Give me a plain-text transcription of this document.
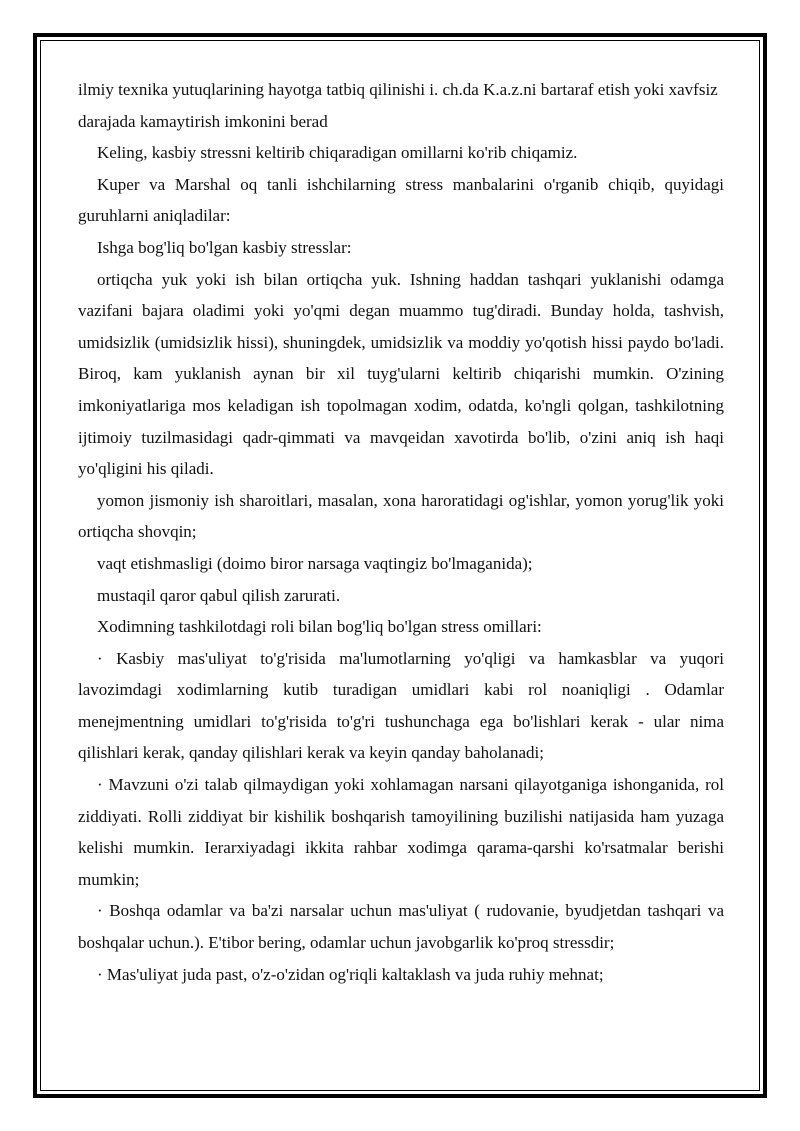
ilmiy texnika yutuqlarining hayotga tatbiq qilinishi i. ch.da K.a.z.ni bartaraf etish yoki xavfsiz darajada kamaytirish imkonini berad

Keling, kasbiy stressni keltirib chiqaradigan omillarni ko'rib chiqamiz.

Kuper va Marshal oq tanli ishchilarning stress manbalarini o'rganib chiqib, quyidagi guruhlarni aniqladilar:

Ishga bog'liq bo'lgan kasbiy stresslar:

ortiqcha yuk yoki ish bilan ortiqcha yuk. Ishning haddan tashqari yuklanishi odamga vazifani bajara oladimi yoki yo'qmi degan muammo tug'diradi. Bunday holda, tashvish, umidsizlik (umidsizlik hissi), shuningdek, umidsizlik va moddiy yo'qotish hissi paydo bo'ladi. Biroq, kam yuklanish aynan bir xil tuyg'ularni keltirib chiqarishi mumkin. O'zining imkoniyatlariga mos keladigan ish topolmagan xodim, odatda, ko'ngli qolgan, tashkilotning ijtimoiy tuzilmasidagi qadr-qimmati va mavqeidan xavotirda bo'lib, o'zini aniq ish haqi yo'qligini his qiladi.

yomon jismoniy ish sharoitlari, masalan, xona haroratidagi og'ishlar, yomon yorug'lik yoki ortiqcha shovqin;

vaqt etishmasligi (doimo biror narsaga vaqtingiz bo'lmaganida);

mustaqil qaror qabul qilish zarurati.

Xodimning tashkilotdagi roli bilan bog'liq bo'lgan stress omillari:

· Kasbiy mas'uliyat to'g'risida ma'lumotlarning yo'qligi va hamkasblar va yuqori lavozimdagi xodimlarning kutib turadigan umidlari kabi rol noaniqligi . Odamlar menejmentning umidlari to'g'risida to'g'ri tushunchaga ega bo'lishlari kerak - ular nima qilishlari kerak, qanday qilishlari kerak va keyin qanday baholanadi;

· Mavzuni o'zi talab qilmaydigan yoki xohlamagan narsani qilayotganiga ishonganida, rol ziddiyati. Rolli ziddiyat bir kishilik boshqarish tamoyilining buzilishi natijasida ham yuzaga kelishi mumkin. Ierarxiyadagi ikkita rahbar xodimga qarama-qarshi ko'rsatmalar berishi mumkin;

· Boshqa odamlar va ba'zi narsalar uchun mas'uliyat ( rudovanie, byudjetdan tashqari va boshqalar uchun.). E'tibor bering, odamlar uchun javobgarlik ko'proq stressdir;

· Mas'uliyat juda past, o'z-o'zidan og'riqli kaltaklash va juda ruhiy mehnat;
